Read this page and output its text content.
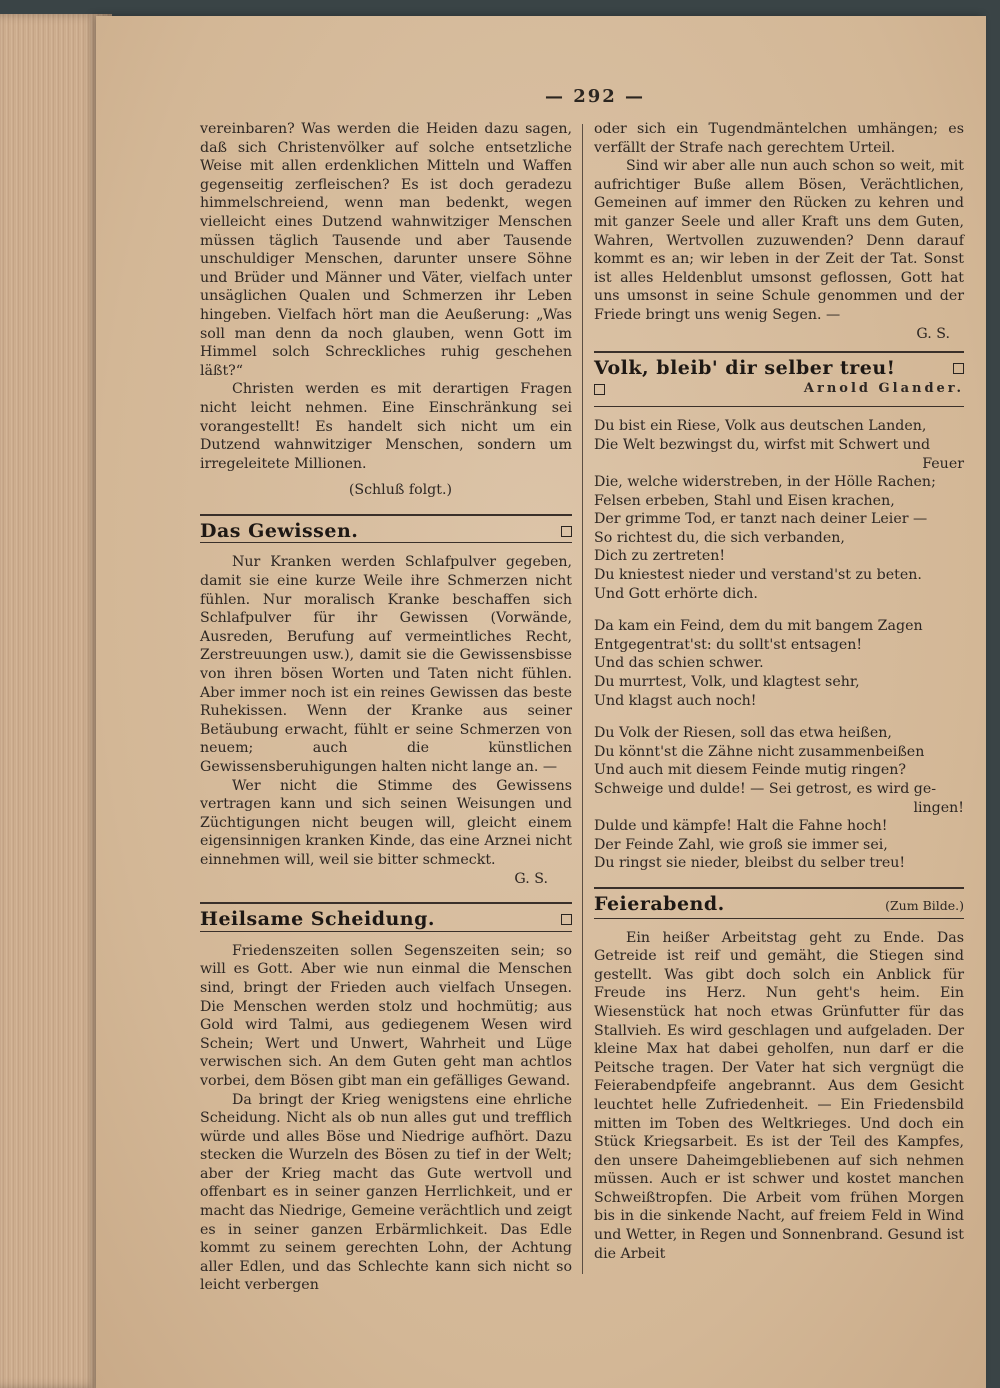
— 292 —

vereinbaren? Was werden die Heiden dazu sagen, daß sich Christenvölker auf solche entsetzliche Weise mit allen erdenklichen Mitteln und Waffen gegenseitig zerfleischen? Es ist doch geradezu himmelschreiend, wenn man bedenkt, wegen vielleicht eines Dutzend wahnwitziger Menschen müssen täglich Tausende und aber Tausende unschuldiger Menschen, darunter unsere Söhne und Brüder und Männer und Väter, vielfach unter unsäglichen Qualen und Schmerzen ihr Leben hingeben. Vielfach hört man die Aeußerung: „Was soll man denn da noch glauben, wenn Gott im Himmel solch Schreckliches ruhig geschehen läßt?“

Christen werden es mit derartigen Fragen nicht leicht nehmen. Eine Einschränkung sei vorangestellt! Es handelt sich nicht um ein Dutzend wahnwitziger Menschen, sondern um irregeleitete Millionen.

(Schluß folgt.)

Das Gewissen.

Nur Kranken werden Schlafpulver gegeben, damit sie eine kurze Weile ihre Schmerzen nicht fühlen. Nur moralisch Kranke beschaffen sich Schlafpulver für ihr Gewissen (Vorwände, Ausreden, Berufung auf vermeintliches Recht, Zerstreuungen usw.), damit sie die Gewissensbisse von ihren bösen Worten und Taten nicht fühlen. Aber immer noch ist ein reines Gewissen das beste Ruhekissen. Wenn der Kranke aus seiner Betäubung erwacht, fühlt er seine Schmerzen von neuem; auch die künstlichen Gewissensberuhigungen halten nicht lange an. —

Wer nicht die Stimme des Gewissens vertragen kann und sich seinen Weisungen und Züchtigungen nicht beugen will, gleicht einem eigensinnigen kranken Kinde, das eine Arznei nicht einnehmen will, weil sie bitter schmeckt.

G. S.

Heilsame Scheidung.

Friedenszeiten sollen Segenszeiten sein; so will es Gott. Aber wie nun einmal die Menschen sind, bringt der Frieden auch vielfach Unsegen. Die Menschen werden stolz und hochmütig; aus Gold wird Talmi, aus gediegenem Wesen wird Schein; Wert und Unwert, Wahrheit und Lüge verwischen sich. An dem Guten geht man achtlos vorbei, dem Bösen gibt man ein gefälliges Gewand.

Da bringt der Krieg wenigstens eine ehrliche Scheidung. Nicht als ob nun alles gut und trefflich würde und alles Böse und Niedrige aufhört. Dazu stecken die Wurzeln des Bösen zu tief in der Welt; aber der Krieg macht das Gute wertvoll und offenbart es in seiner ganzen Herrlichkeit, und er macht das Niedrige, Gemeine verächtlich und zeigt es in seiner ganzen Erbärmlichkeit. Das Edle kommt zu seinem gerechten Lohn, der Achtung aller Edlen, und das Schlechte kann sich nicht so leicht verbergen

oder sich ein Tugendmäntelchen umhängen; es verfällt der Strafe nach gerechtem Urteil.

Sind wir aber alle nun auch schon so weit, mit aufrichtiger Buße allem Bösen, Verächtlichen, Gemeinen auf immer den Rücken zu kehren und mit ganzer Seele und aller Kraft uns dem Guten, Wahren, Wertvollen zuzuwenden? Denn darauf kommt es an; wir leben in der Zeit der Tat. Sonst ist alles Heldenblut umsonst geflossen, Gott hat uns umsonst in seine Schule genommen und der Friede bringt uns wenig Segen. —

G. S.

Volk, bleib' dir selber treu!
Arnold Glander.

Du bist ein Riese, Volk aus deutschen Landen,

Die Welt bezwingst du, wirfst mit Schwert und

Feuer

Die, welche widerstreben, in der Hölle Rachen;

Felsen erbeben, Stahl und Eisen krachen,

Der grimme Tod, er tanzt nach deiner Leier —

So richtest du, die sich verbanden,

Dich zu zertreten!

Du kniestest nieder und verstand'st zu beten.

Und Gott erhörte dich.

Da kam ein Feind, dem du mit bangem Zagen

Entgegentrat'st: du sollt'st entsagen!

Und das schien schwer.

Du murrtest, Volk, und klagtest sehr,

Und klagst auch noch!

Du Volk der Riesen, soll das etwa heißen,

Du könnt'st die Zähne nicht zusammenbeißen

Und auch mit diesem Feinde mutig ringen?

Schweige und dulde! — Sei getrost, es wird ge-

lingen!

Dulde und kämpfe! Halt die Fahne hoch!

Der Feinde Zahl, wie groß sie immer sei,

Du ringst sie nieder, bleibst du selber treu!

Feierabend.	(Zum Bilde.)

Ein heißer Arbeitstag geht zu Ende. Das Getreide ist reif und gemäht, die Stiegen sind gestellt. Was gibt doch solch ein Anblick für Freude ins Herz. Nun geht's heim. Ein Wiesenstück hat noch etwas Grünfutter für das Stallvieh. Es wird geschlagen und aufgeladen. Der kleine Max hat dabei geholfen, nun darf er die Peitsche tragen. Der Vater hat sich vergnügt die Feierabendpfeife angebrannt. Aus dem Gesicht leuchtet helle Zufriedenheit. — Ein Friedensbild mitten im Toben des Weltkrieges. Und doch ein Stück Kriegsarbeit. Es ist der Teil des Kampfes, den unsere Daheimgebliebenen auf sich nehmen müssen. Auch er ist schwer und kostet manchen Schweißtropfen. Die Arbeit vom frühen Morgen bis in die sinkende Nacht, auf freiem Feld in Wind und Wetter, in Regen und Sonnenbrand. Gesund ist die Arbeit
